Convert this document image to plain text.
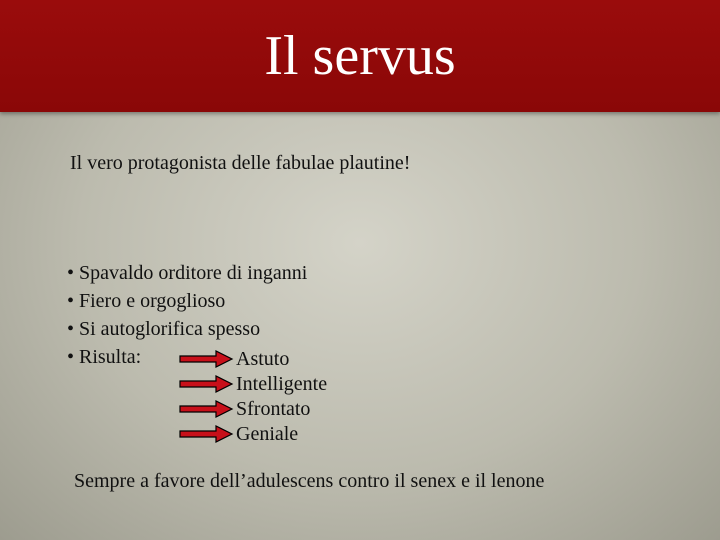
Il servus
Il vero protagonista delle fabulae plautine!
• Spavaldo orditore di inganni
• Fiero e orgoglioso
• Si autoglorifica spesso
• Risulta:	Astuto
Intelligente
Sfrontato
Geniale
Sempre a favore dell’adulescens contro il senex e il lenone
